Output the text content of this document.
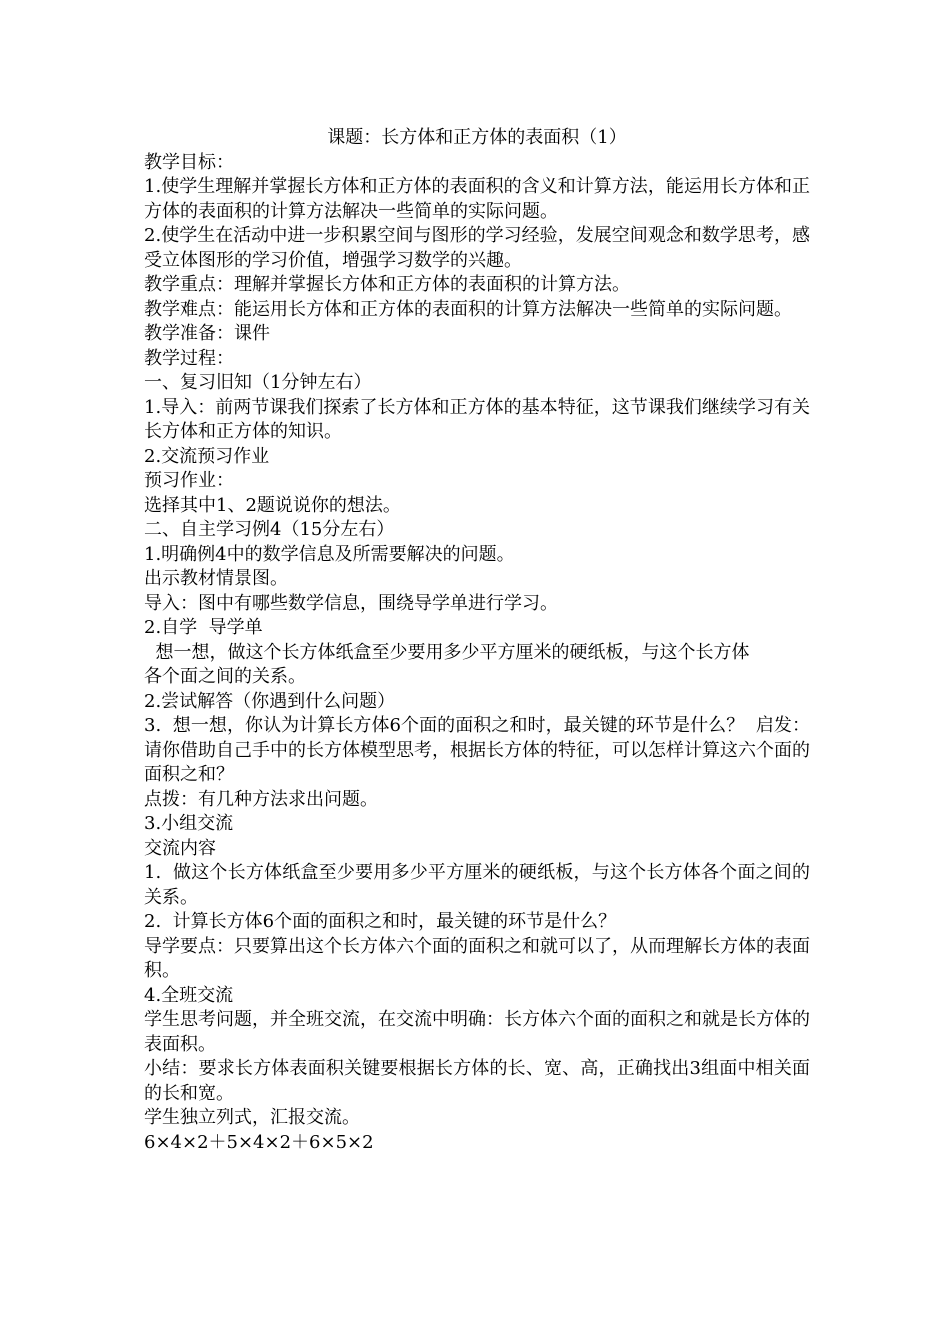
课题：长方体和正方体的表面积（1）

教学目标：

1.使学生理解并掌握长方体和正方体的表面积的含义和计算方法，能运用长方体和正方体的表面积的计算方法解决一些简单的实际问题。

2.使学生在活动中进一步积累空间与图形的学习经验，发展空间观念和数学思考，感受立体图形的学习价值，增强学习数学的兴趣。

教学重点：理解并掌握长方体和正方体的表面积的计算方法。

教学难点：能运用长方体和正方体的表面积的计算方法解决一些简单的实际问题。

教学准备：课件

教学过程：

一、复习旧知（1分钟左右）

1.导入：前两节课我们探索了长方体和正方体的基本特征，这节课我们继续学习有关长方体和正方体的知识。

2.交流预习作业

预习作业：

选择其中1、2题说说你的想法。

二、自主学习例4（15分左右）

1.明确例4中的数学信息及所需要解决的问题。

出示教材情景图。

导入：图中有哪些数学信息，围绕导学单进行学习。

2.自学  导学单

想一想，做这个长方体纸盒至少要用多少平方厘米的硬纸板，与这个长方体

各个面之间的关系。

2.尝试解答（你遇到什么问题）

3.  想一想，你认为计算长方体6个面的面积之和时，最关键的环节是什么？  启发：请你借助自己手中的长方体模型思考，根据长方体的特征，可以怎样计算这六个面的面积之和？

点拨：有几种方法求出问题。

3.小组交流

交流内容

1.  做这个长方体纸盒至少要用多少平方厘米的硬纸板，与这个长方体各个面之间的关系。

2.  计算长方体6个面的面积之和时，最关键的环节是什么？

导学要点：只要算出这个长方体六个面的面积之和就可以了，从而理解长方体的表面积。

4.全班交流

学生思考问题，并全班交流，在交流中明确：长方体六个面的面积之和就是长方体的表面积。

小结：要求长方体表面积关键要根据长方体的长、宽、高，正确找出3组面中相关面的长和宽。

学生独立列式，汇报交流。

6×4×2＋5×4×2＋6×5×2
